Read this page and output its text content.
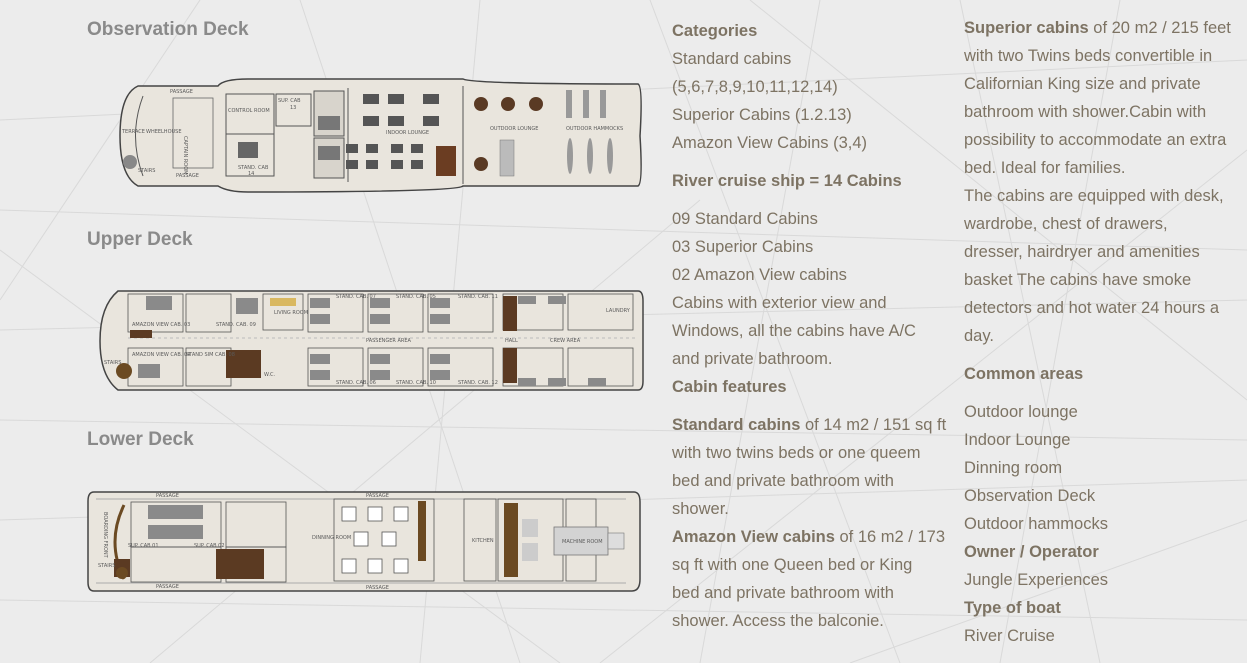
Observation Deck
Upper Deck
Lower Deck
PASSAGE
CONTROL ROOM
SUP. CAB
13
TERRACE WHEELHOUSE
CAPTAIN ROOM	STAND. CAB
14
INDOOR LOUNGE
OUTDOOR LOUNGE	OUTDOOR HAMMOCKS
STAIRS
PASSAGE
AMAZON VIEW CAB. 03
AMAZON VIEW CAB. 04
STAND. CAB. 09
STAND SIM CAB. 08
LIVING ROOM
STAND. CAB. 07	STAND. CAB. 05	STAND. CAB. 11
STAND. CAB. 06	STAND. CAB. 10	STAND. CAB. 12
PASSENGER AREA	HALL	CREW AREA
LAUNDRY
STAIRS
W.C.
PASSAGE	PASSAGE
PASSAGE	PASSAGE
BOARDING FRONT	SUP. CAB 01	SUP. CAB 02
STAIRS
DINNING ROOM	KITCHEN	MACHINE ROOM
Categories
Standard cabins
(5,6,7,8,9,10,11,12,14)
Superior Cabins (1.2.13)
Amazon View Cabins (3,4)
River cruise ship = 14 Cabins
09 Standard Cabins
03 Superior Cabins
02 Amazon View cabins
Cabins with exterior view and
Windows, all the cabins have A/C
and private bathroom.
Cabin features
Standard cabins of 14 m2 / 151 sq ft
with two twins beds or one queem
bed and private bathroom with
shower.
Amazon View cabins of 16 m2 / 173
sq ft with one Queen bed or King
bed and private bathroom with
shower. Access the balconie.
Superior cabins of 20 m2 / 215 feet
with two Twins beds convertible in
Californian King size and private
bathroom with shower.Cabin with
possibility to accommodate an extra
bed. Ideal for families.
The cabins are equipped with desk,
wardrobe, chest of drawers,
dresser, hairdryer and amenities
basket The cabins have smoke
detectors and hot water 24 hours a
day.
Common areas
Outdoor lounge
Indoor Lounge
Dinning room
Observation Deck
Outdoor hammocks
Owner / Operator
Jungle Experiences
Type of boat
River Cruise
